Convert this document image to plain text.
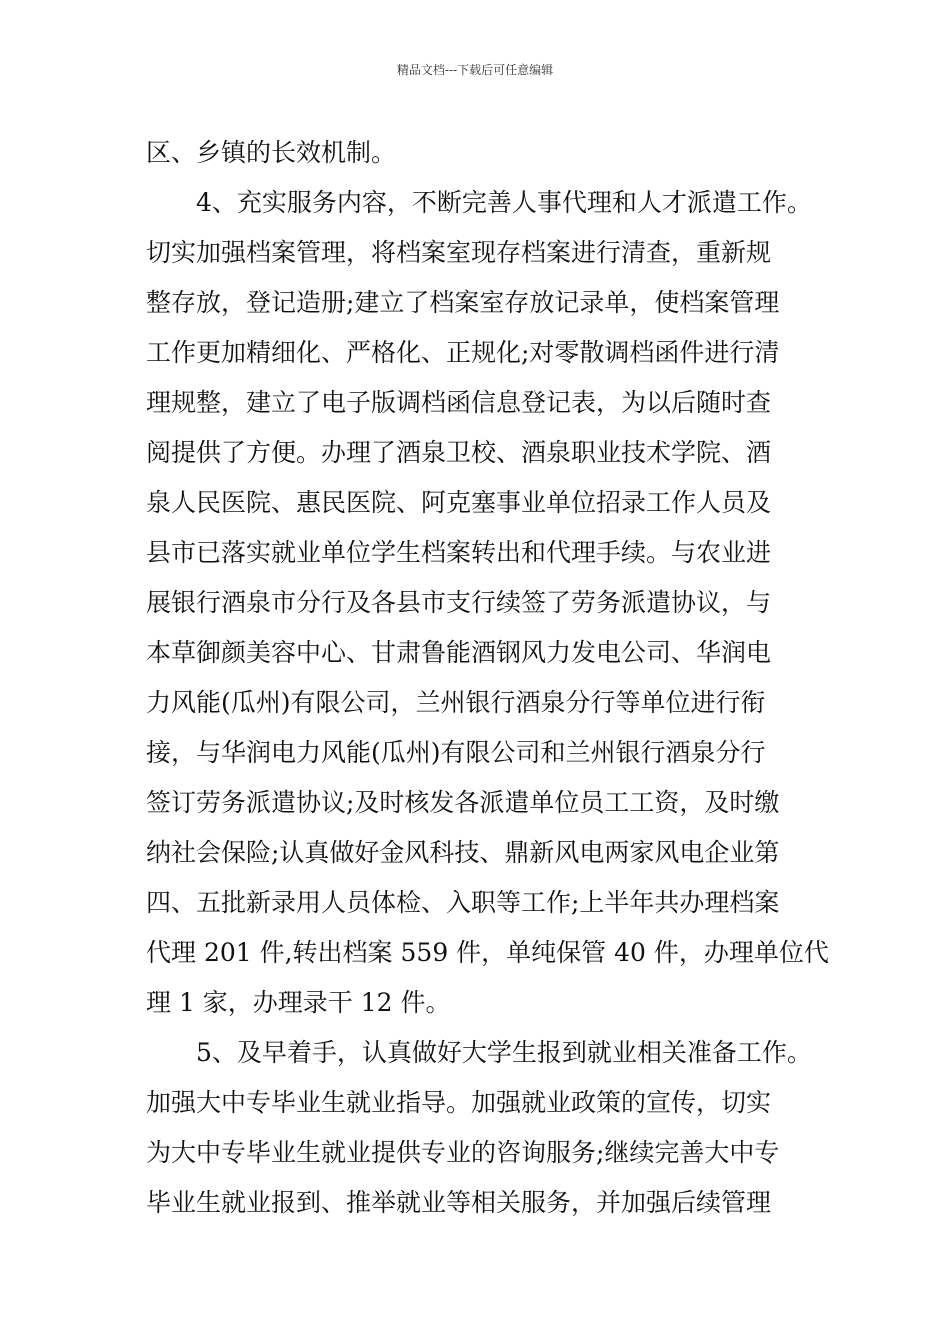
精品文档---下载后可任意编辑
区、乡镇的长效机制。
4、充实服务内容，不断完善人事代理和人才派遣工作。
切实加强档案管理，将档案室现存档案进行清查，重新规
整存放，登记造册;建立了档案室存放记录单，使档案管理
工作更加精细化、严格化、正规化;对零散调档函件进行清
理规整，建立了电子版调档函信息登记表，为以后随时查
阅提供了方便。办理了酒泉卫校、酒泉职业技术学院、酒
泉人民医院、惠民医院、阿克塞事业单位招录工作人员及
县市已落实就业单位学生档案转出和代理手续。与农业进
展银行酒泉市分行及各县市支行续签了劳务派遣协议，与
本草御颜美容中心、甘肃鲁能酒钢风力发电公司、华润电
力风能(瓜州)有限公司，兰州银行酒泉分行等单位进行衔
接，与华润电力风能(瓜州)有限公司和兰州银行酒泉分行
签订劳务派遣协议;及时核发各派遣单位员工工资，及时缴
纳社会保险;认真做好金风科技、鼎新风电两家风电企业第
四、五批新录用人员体检、入职等工作;上半年共办理档案
代理 201 件,转出档案 559 件，单纯保管 40 件，办理单位代
理 1 家，办理录干 12 件。
5、及早着手，认真做好大学生报到就业相关准备工作。
加强大中专毕业生就业指导。加强就业政策的宣传，切实
为大中专毕业生就业提供专业的咨询服务;继续完善大中专
毕业生就业报到、推举就业等相关服务，并加强后续管理
